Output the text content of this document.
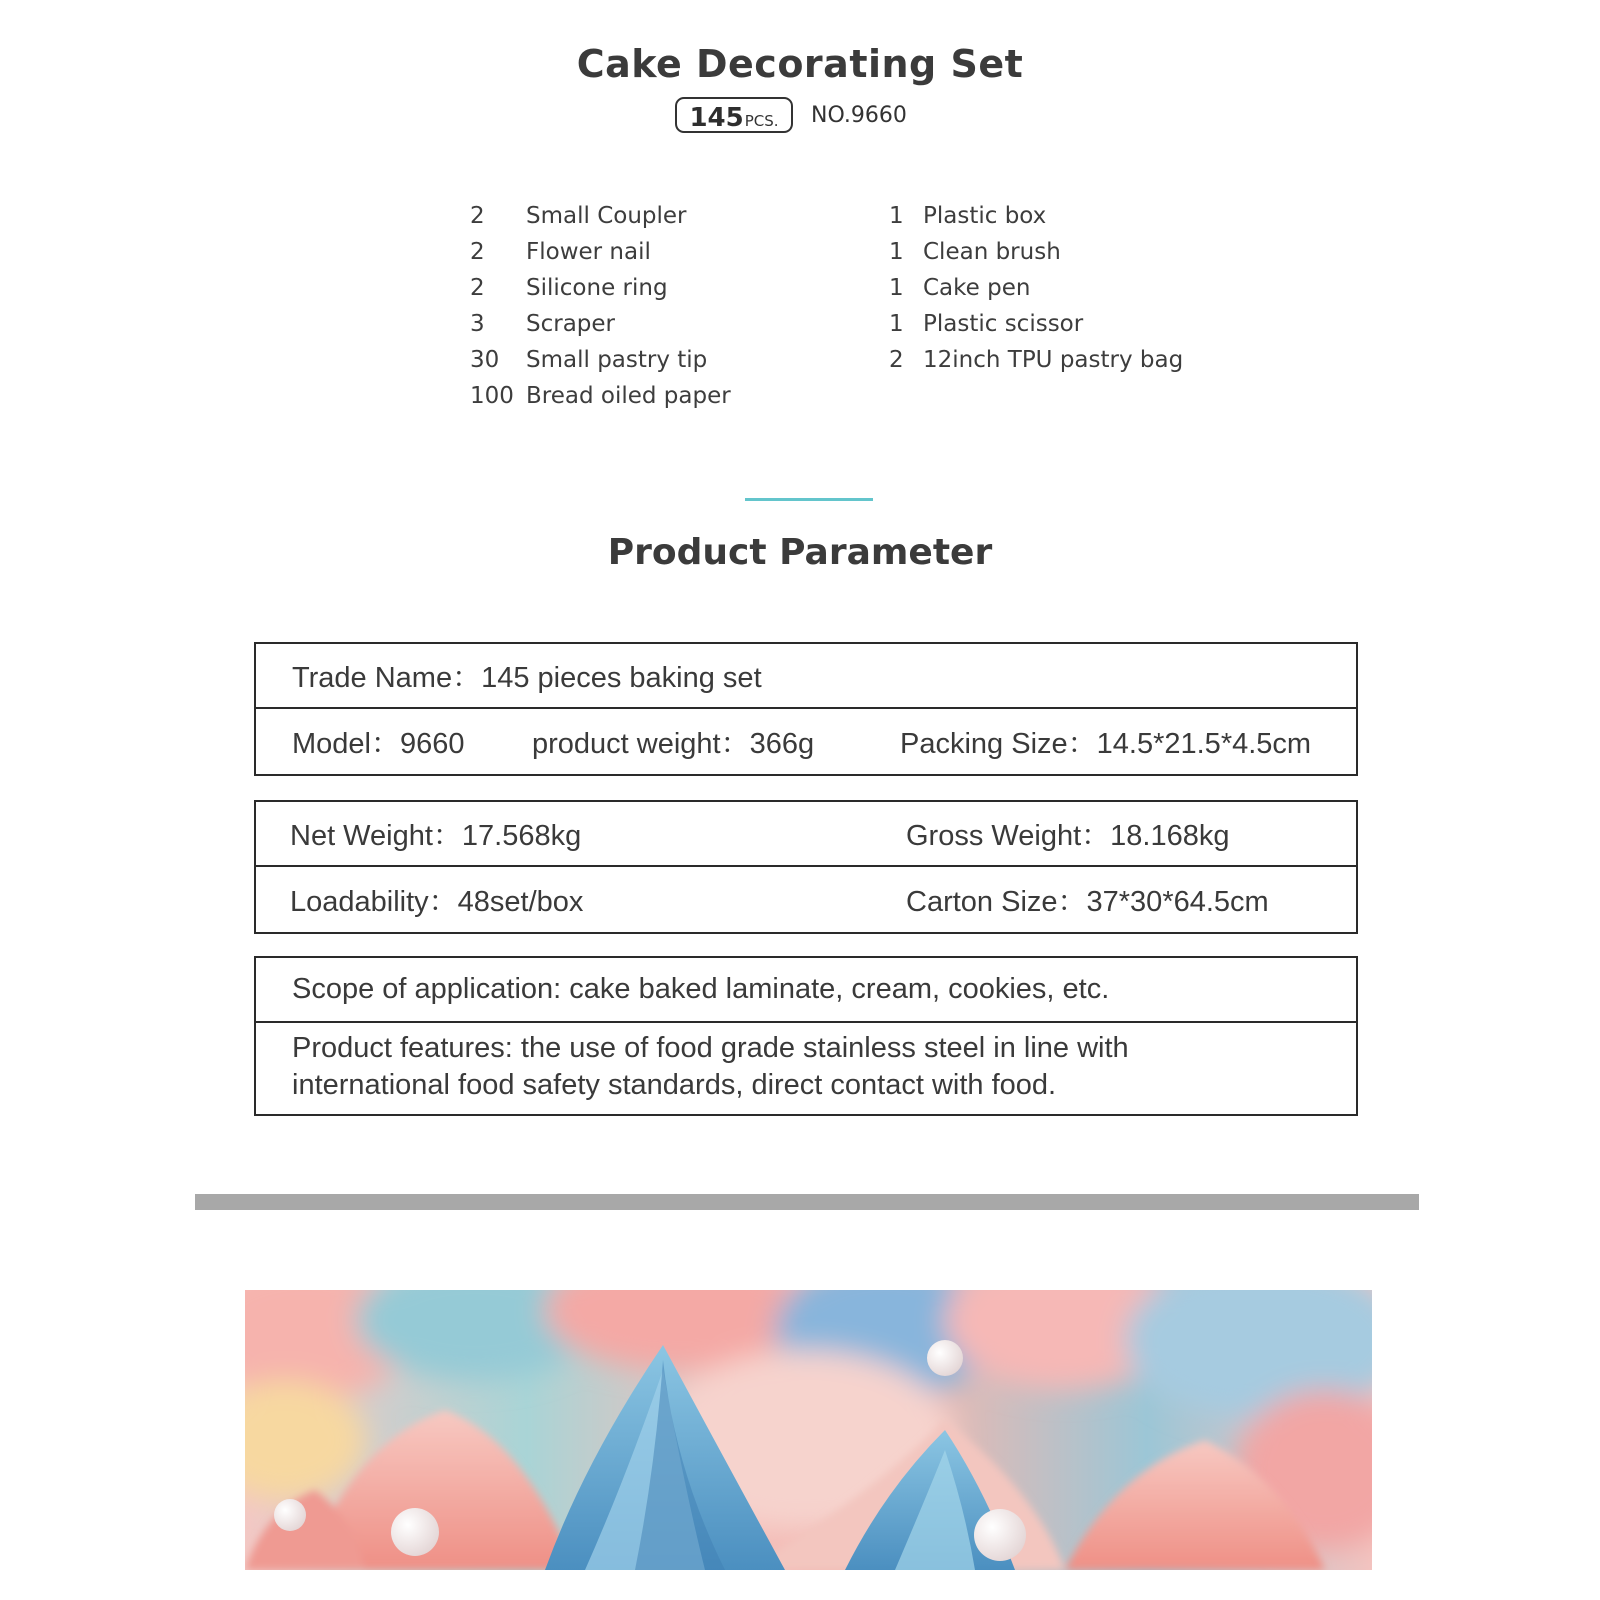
Cake Decorating Set
145 PCS. NO.9660
2	Small Coupler
2	Flower nail
2	Silicone ring
3	Scraper
30	Small pastry tip
100 Bread oiled paper
1 Plastic box
1 Clean brush
1 Cake pen
1 Plastic scissor
2 12inch TPU pastry bag
Product Parameter
Trade Name：145 pieces baking set
Model：9660 product weight：366g	Packing Size：14.5*21.5*4.5cm
Net Weight：17.568kg	Gross Weight：18.168kg
Loadability：48set/box	Carton Size：37*30*64.5cm
Scope of application: cake baked laminate, cream, cookies, etc.
Product features: the use of food grade stainless steel in line with international food safety standards, direct contact with food.
